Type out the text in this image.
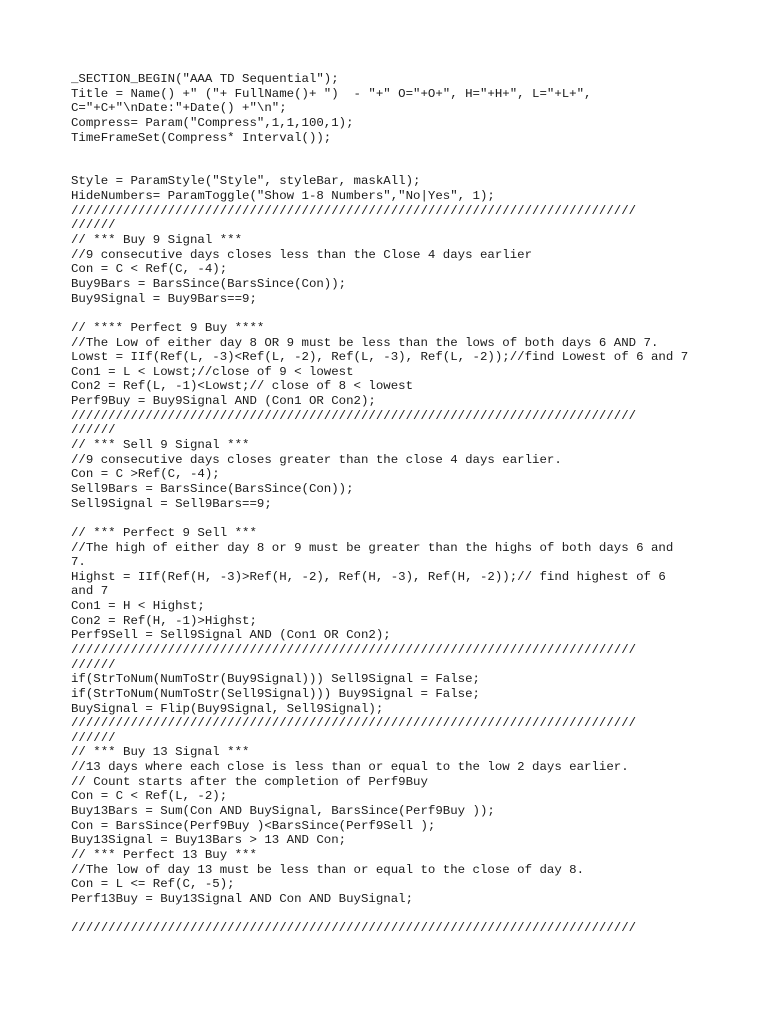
_SECTION_BEGIN("AAA TD Sequential");
Title = Name() +" ("+ FullName()+ ")  - "+" O="+O+", H="+H+", L="+L+",
C="+C+"\nDate:"+Date() +"\n";
Compress= Param("Compress",1,1,100,1);
TimeFrameSet(Compress* Interval());

Style = ParamStyle("Style", styleBar, maskAll);
HideNumbers= ParamToggle("Show 1-8 Numbers","No|Yes", 1);
////////////////////////////////////////////////////////////////////////////
//////
// *** Buy 9 Signal ***
//9 consecutive days closes less than the Close 4 days earlier
Con = C < Ref(C, -4);
Buy9Bars = BarsSince(BarsSince(Con));
Buy9Signal = Buy9Bars==9;

// **** Perfect 9 Buy ****
//The Low of either day 8 OR 9 must be less than the lows of both days 6 AND 7.
Lowst = IIf(Ref(L, -3)<Ref(L, -2), Ref(L, -3), Ref(L, -2));//find Lowest of 6 and 7
Con1 = L < Lowst;//close of 9 < lowest
Con2 = Ref(L, -1)<Lowst;// close of 8 < lowest
Perf9Buy = Buy9Signal AND (Con1 OR Con2);
////////////////////////////////////////////////////////////////////////////
//////
// *** Sell 9 Signal ***
//9 consecutive days closes greater than the close 4 days earlier.
Con = C >Ref(C, -4);
Sell9Bars = BarsSince(BarsSince(Con));
Sell9Signal = Sell9Bars==9;

// *** Perfect 9 Sell ***
//The high of either day 8 or 9 must be greater than the highs of both days 6 and
7.
Highst = IIf(Ref(H, -3)>Ref(H, -2), Ref(H, -3), Ref(H, -2));// find highest of 6
and 7
Con1 = H < Highst;
Con2 = Ref(H, -1)>Highst;
Perf9Sell = Sell9Signal AND (Con1 OR Con2);
////////////////////////////////////////////////////////////////////////////
//////
if(StrToNum(NumToStr(Buy9Signal))) Sell9Signal = False;
if(StrToNum(NumToStr(Sell9Signal))) Buy9Signal = False;
BuySignal = Flip(Buy9Signal, Sell9Signal);
////////////////////////////////////////////////////////////////////////////
//////
// *** Buy 13 Signal ***
//13 days where each close is less than or equal to the low 2 days earlier.
// Count starts after the completion of Perf9Buy
Con = C < Ref(L, -2);
Buy13Bars = Sum(Con AND BuySignal, BarsSince(Perf9Buy ));
Con = BarsSince(Perf9Buy )<BarsSince(Perf9Sell );
Buy13Signal = Buy13Bars > 13 AND Con;
// *** Perfect 13 Buy ***
//The low of day 13 must be less than or equal to the close of day 8.
Con = L <= Ref(C, -5);
Perf13Buy = Buy13Signal AND Con AND BuySignal;

////////////////////////////////////////////////////////////////////////////
